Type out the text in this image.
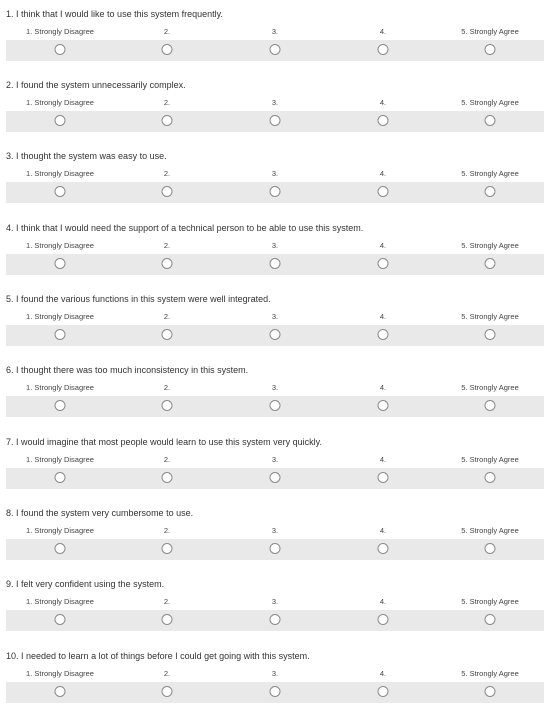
1. I think that I would like to use this system frequently.
1. Strongly Disagree	2.	3.	4.	5. Strongly Agree
2. I found the system unnecessarily complex.
1. Strongly Disagree	2.	3.	4.	5. Strongly Agree
3. I thought the system was easy to use.
1. Strongly Disagree	2.	3.	4.	5. Strongly Agree
4. I think that I would need the support of a technical person to be able to use this system.
1. Strongly Disagree	2.	3.	4.	5. Strongly Agree
5. I found the various functions in this system were well integrated.
1. Strongly Disagree	2.	3.	4.	5. Strongly Agree
6. I thought there was too much inconsistency in this system.
1. Strongly Disagree	2.	3.	4.	5. Strongly Agree
7. I would imagine that most people would learn to use this system very quickly.
1. Strongly Disagree	2.	3.	4.	5. Strongly Agree
8. I found the system very cumbersome to use.
1. Strongly Disagree	2.	3.	4.	5. Strongly Agree
9. I felt very confident using the system.
1. Strongly Disagree	2.	3.	4.	5. Strongly Agree
10. I needed to learn a lot of things before I could get going with this system.
1. Strongly Disagree	2.	3.	4.	5. Strongly Agree
